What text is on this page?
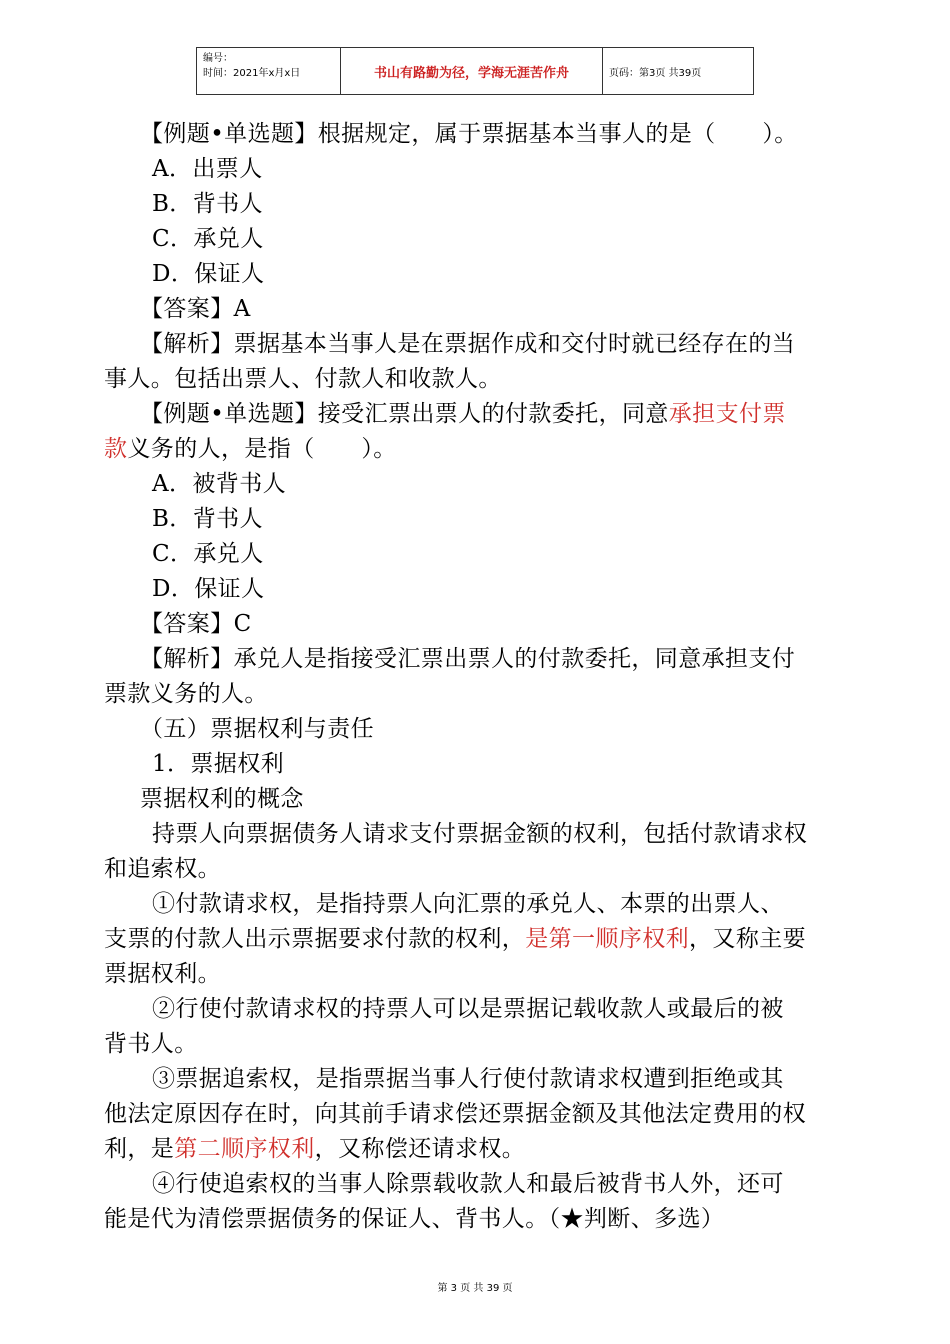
编号：
时间：2021年x月x日	书山有路勤为径，学海无涯苦作舟	页码：第3页 共39页

【例题•单选题】根据规定，属于票据基本当事人的是（　　）。

A．出票人

B．背书人

C．承兑人

D．保证人

【答案】A

【解析】票据基本当事人是在票据作成和交付时就已经存在的当

事人。包括出票人、付款人和收款人。

【例题•单选题】接受汇票出票人的付款委托，同意承担支付票

款义务的人，是指（　　）。

A．被背书人

B．背书人

C．承兑人

D．保证人

【答案】C

【解析】承兑人是指接受汇票出票人的付款委托，同意承担支付

票款义务的人。

（五）票据权利与责任

1．票据权利

票据权利的概念

持票人向票据债务人请求支付票据金额的权利，包括付款请求权

和追索权。

①付款请求权，是指持票人向汇票的承兑人、本票的出票人、

支票的付款人出示票据要求付款的权利，是第一顺序权利，又称主要

票据权利。

②行使付款请求权的持票人可以是票据记载收款人或最后的被

背书人。

③票据追索权，是指票据当事人行使付款请求权遭到拒绝或其

他法定原因存在时，向其前手请求偿还票据金额及其他法定费用的权

利，是第二顺序权利，又称偿还请求权。

④行使追索权的当事人除票载收款人和最后被背书人外，还可

能是代为清偿票据债务的保证人、背书人。（★判断、多选）

第 3 页 共 39 页
